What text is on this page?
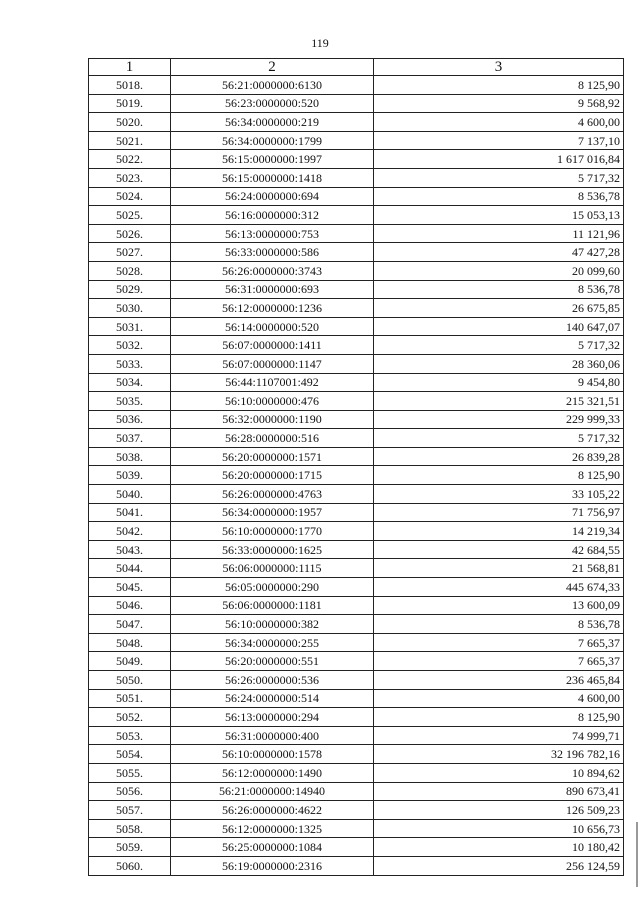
119
1	2	3
5018.	56:21:0000000:6130	8 125,90
5019.	56:23:0000000:520	9 568,92
5020.	56:34:0000000:219	4 600,00
5021.	56:34:0000000:1799	7 137,10
5022.	56:15:0000000:1997	1 617 016,84
5023.	56:15:0000000:1418	5 717,32
5024.	56:24:0000000:694	8 536,78
5025.	56:16:0000000:312	15 053,13
5026.	56:13:0000000:753	11 121,96
5027.	56:33:0000000:586	47 427,28
5028.	56:26:0000000:3743	20 099,60
5029.	56:31:0000000:693	8 536,78
5030.	56:12:0000000:1236	26 675,85
5031.	56:14:0000000:520	140 647,07
5032.	56:07:0000000:1411	5 717,32
5033.	56:07:0000000:1147	28 360,06
5034.	56:44:1107001:492	9 454,80
5035.	56:10:0000000:476	215 321,51
5036.	56:32:0000000:1190	229 999,33
5037.	56:28:0000000:516	5 717,32
5038.	56:20:0000000:1571	26 839,28
5039.	56:20:0000000:1715	8 125,90
5040.	56:26:0000000:4763	33 105,22
5041.	56:34:0000000:1957	71 756,97
5042.	56:10:0000000:1770	14 219,34
5043.	56:33:0000000:1625	42 684,55
5044.	56:06:0000000:1115	21 568,81
5045.	56:05:0000000:290	445 674,33
5046.	56:06:0000000:1181	13 600,09
5047.	56:10:0000000:382	8 536,78
5048.	56:34:0000000:255	7 665,37
5049.	56:20:0000000:551	7 665,37
5050.	56:26:0000000:536	236 465,84
5051.	56:24:0000000:514	4 600,00
5052.	56:13:0000000:294	8 125,90
5053.	56:31:0000000:400	74 999,71
5054.	56:10:0000000:1578	32 196 782,16
5055.	56:12:0000000:1490	10 894,62
5056.	56:21:0000000:14940	890 673,41
5057.	56:26:0000000:4622	126 509,23
5058.	56:12:0000000:1325	10 656,73
5059.	56:25:0000000:1084	10 180,42
5060.	56:19:0000000:2316	256 124,59
